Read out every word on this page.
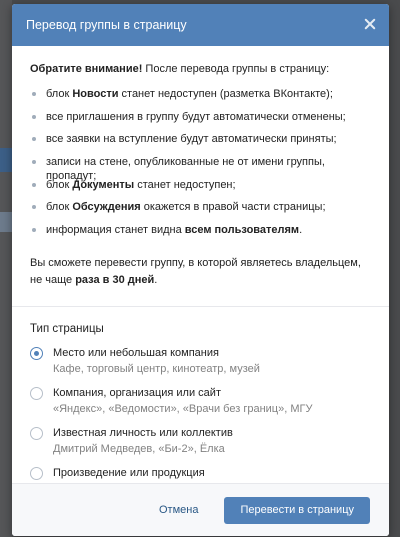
Перевод группы в страницу
Обратите внимание! После перевода группы в страницу:
блок Новости станет недоступен (разметка ВКонтакте);
все приглашения в группу будут автоматически отменены;
все заявки на вступление будут автоматически приняты;
записи на стене, опубликованные не от имени группы, пропадут;
блок Документы станет недоступен;
блок Обсуждения окажется в правой части страницы;
информация станет видна всем пользователям.
Вы сможете перевести группу, в которой являетесь владельцем, не чаще раза в 30 дней.
Тип страницы
Место или небольшая компания
Кафе, торговый центр, кинотеатр, музей
Компания, организация или сайт
«Яндекс», «Ведомости», «Врачи без границ», МГУ
Известная личность или коллектив
Дмитрий Медведев, «Би-2», Ёлка
Произведение или продукция
Отмена	Перевести в страницу
